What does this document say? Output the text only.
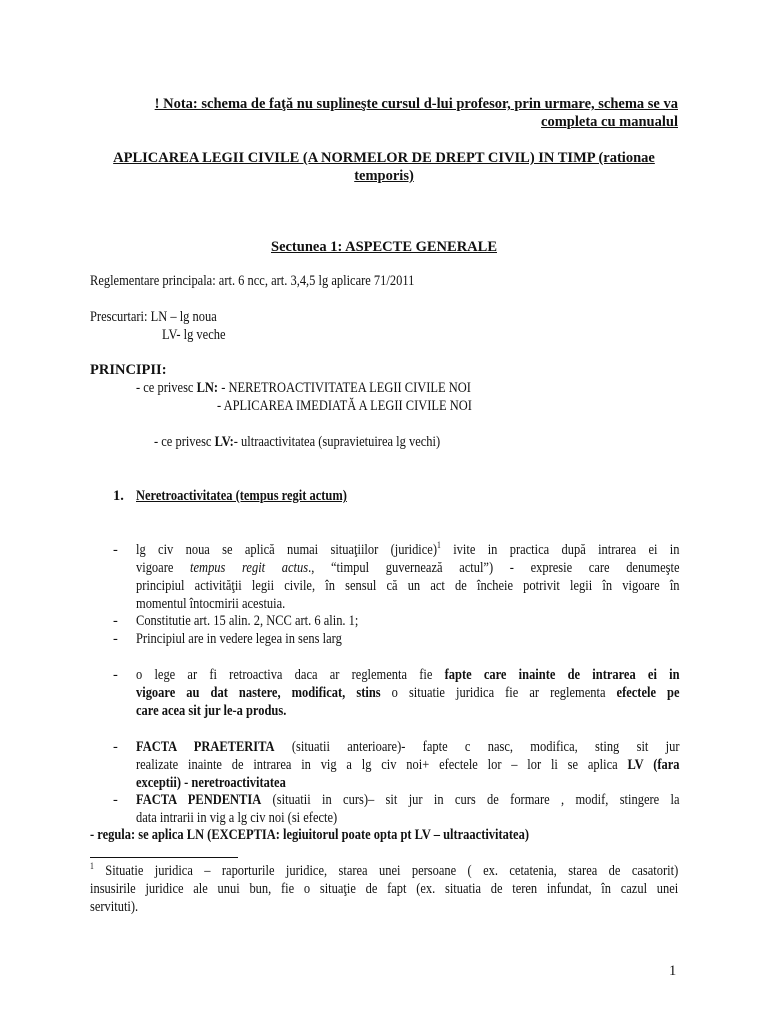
! Nota: schema de faţă nu suplineşte cursul d-lui profesor, prin urmare, schema se va
completa cu manualul
APLICAREA LEGII CIVILE (A NORMELOR DE DREPT CIVIL) IN TIMP (rationae
temporis)
Sectunea 1: ASPECTE GENERALE
Reglementare principala: art. 6 ncc, art. 3,4,5 lg aplicare 71/2011
Prescurtari: LN – lg noua
LV- lg veche
PRINCIPII:
- ce privesc LN: - NERETROACTIVITATEA LEGII CIVILE NOI
- APLICAREA IMEDIATĂ A LEGII CIVILE NOI
- ce privesc LV:- ultraactivitatea (supravietuirea lg vechi)
1. Neretroactivitatea (tempus regit actum)
- lg civ noua se aplică numai situaţiilor (juridice)$^1$ ivite in practica după intrarea ei in
vigoare tempus regit actus., “timpul guvernează actul”) - expresie care denumeşte
principiul activităţii legii civile, în sensul că un act de încheie potrivit legii în vigoare în
momentul întocmirii acestuia.
- Constitutie art. 15 alin. 2, NCC art. 6 alin. 1;
- Principiul are in vedere legea in sens larg
- o lege ar fi retroactiva daca ar reglementa fie fapte care inainte de intrarea ei in
vigoare au dat nastere, modificat, stins o situatie juridica fie ar reglementa efectele pe
care acea sit jur le-a produs.
- FACTA PRAETERITA (situatii anterioare)- fapte c nasc, modifica, sting sit jur
realizate inainte de intrarea in vig a lg civ noi+ efectele lor – lor li se aplica LV (fara
exceptii) - neretroactivitatea
- FACTA PENDENTIA (situatii in curs)– sit jur in curs de formare , modif, stingere la
data intrarii in vig a lg civ noi (si efecte)
- regula: se aplica LN (EXCEPTIA: legiuitorul poate opta pt LV – ultraactivitatea)
$^1$ Situatie juridica – raporturile juridice, starea unei persoane ( ex. cetatenia, starea de casatorit)
insusirile juridice ale unui bun, fie o situaţie de fapt (ex. situatia de teren infundat, în cazul unei
servituti).
1
